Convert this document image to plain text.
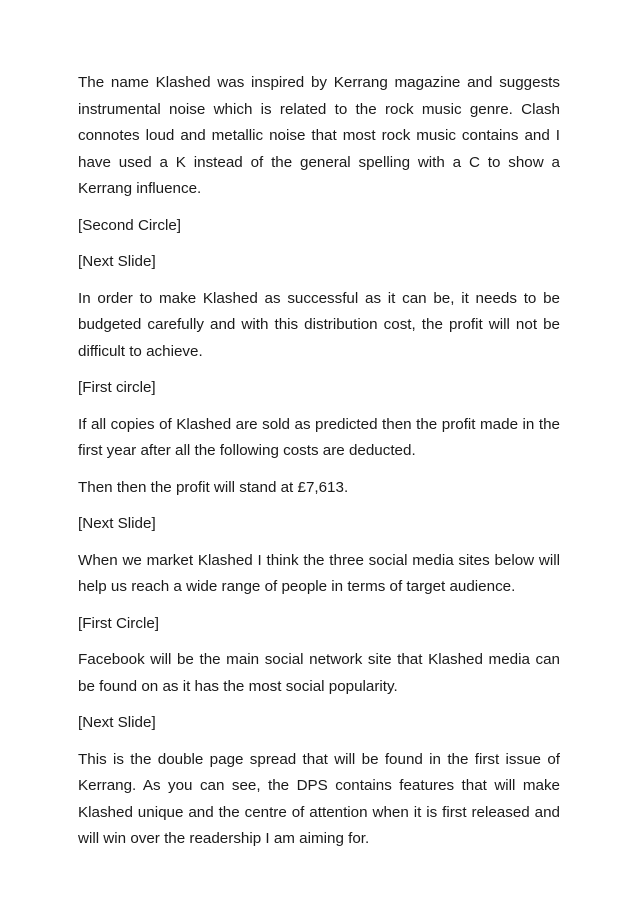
The name Klashed was inspired by Kerrang magazine and suggests instrumental noise which is related to the rock music genre. Clash connotes loud and metallic noise that most rock music contains and I have used a K instead of the general spelling with a C to show a Kerrang influence.

[Second Circle]

[Next Slide]

In order to make Klashed as successful as it can be, it needs to be budgeted carefully and with this distribution cost, the profit will not be difficult to achieve.

[First circle]

If all copies of Klashed are sold as predicted then the profit made in the first year after all the following costs are deducted.

Then then the profit will stand at £7,613.

[Next Slide]

When we market Klashed I think the three social media sites below will help us reach a wide range of people in terms of target audience.

[First Circle]

Facebook will be the main social network site that Klashed media can be found on as it has the most social popularity.

[Next Slide]

This is the double page spread that will be found in the first issue of Kerrang. As you can see, the DPS contains features that will make Klashed unique and the centre of attention when it is first released and will win over the readership I am aiming for.
